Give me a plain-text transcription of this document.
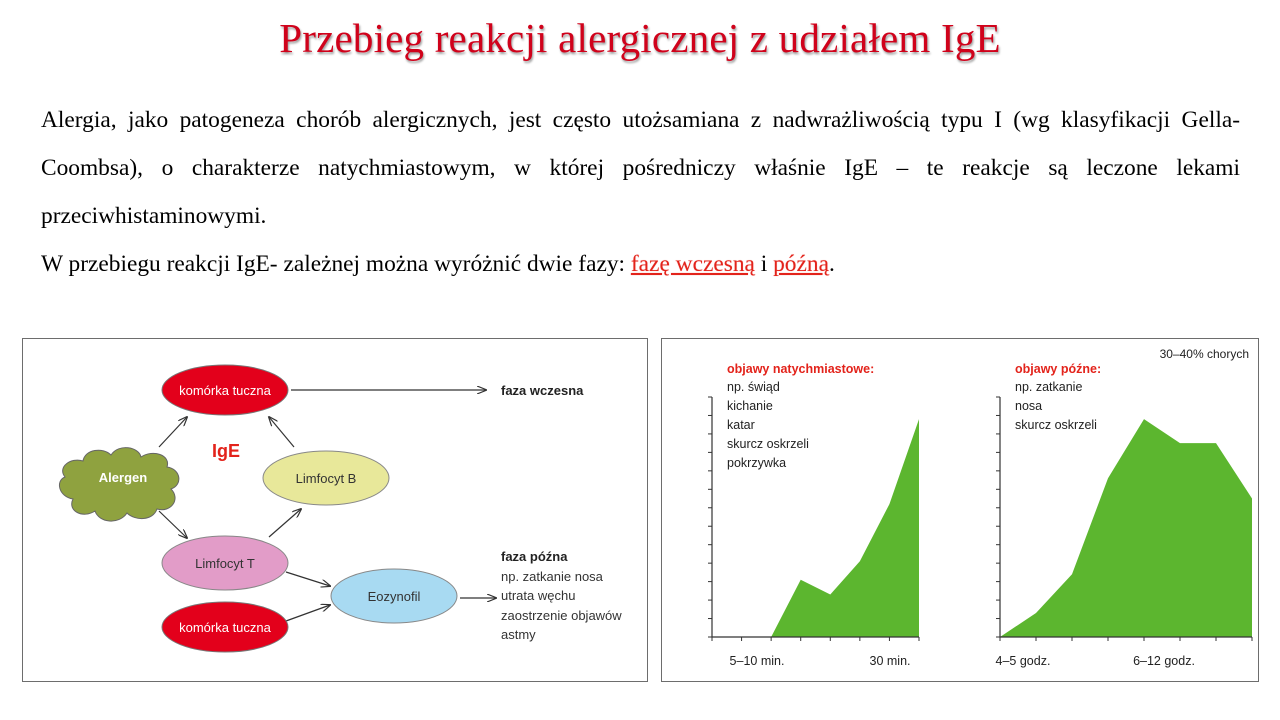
Przebieg reakcji alergicznej z udziałem IgE
Alergia, jako patogeneza chorób alergicznych, jest często utożsamiana z nadwrażliwością typu I (wg klasyfikacji Gella-Coombsa), o charakterze natychmiastowym, w której pośredniczy właśnie IgE – te reakcje są leczone lekami przeciwhistaminowymi.
W przebiegu reakcji IgE- zależnej można wyróżnić dwie fazy: fazę wczesną i późną.
komórka tuczna
IgE
Alergen	Limfocyt B
Limfocyt T
Eozynofil
komórka tuczna
faza wczesna
faza późna
np. zatkanie nosa
utrata węchu
zaostrzenie objawów
astmy
30–40% chorych
objawy natychmiastowe:
np. świąd
kichanie
katar
skurcz oskrzeli
pokrzywka
5–10 min.	30 min.
objawy późne:
np. zatkanie
nosa
skurcz oskrzeli
4–5 godz.	6–12 godz.
